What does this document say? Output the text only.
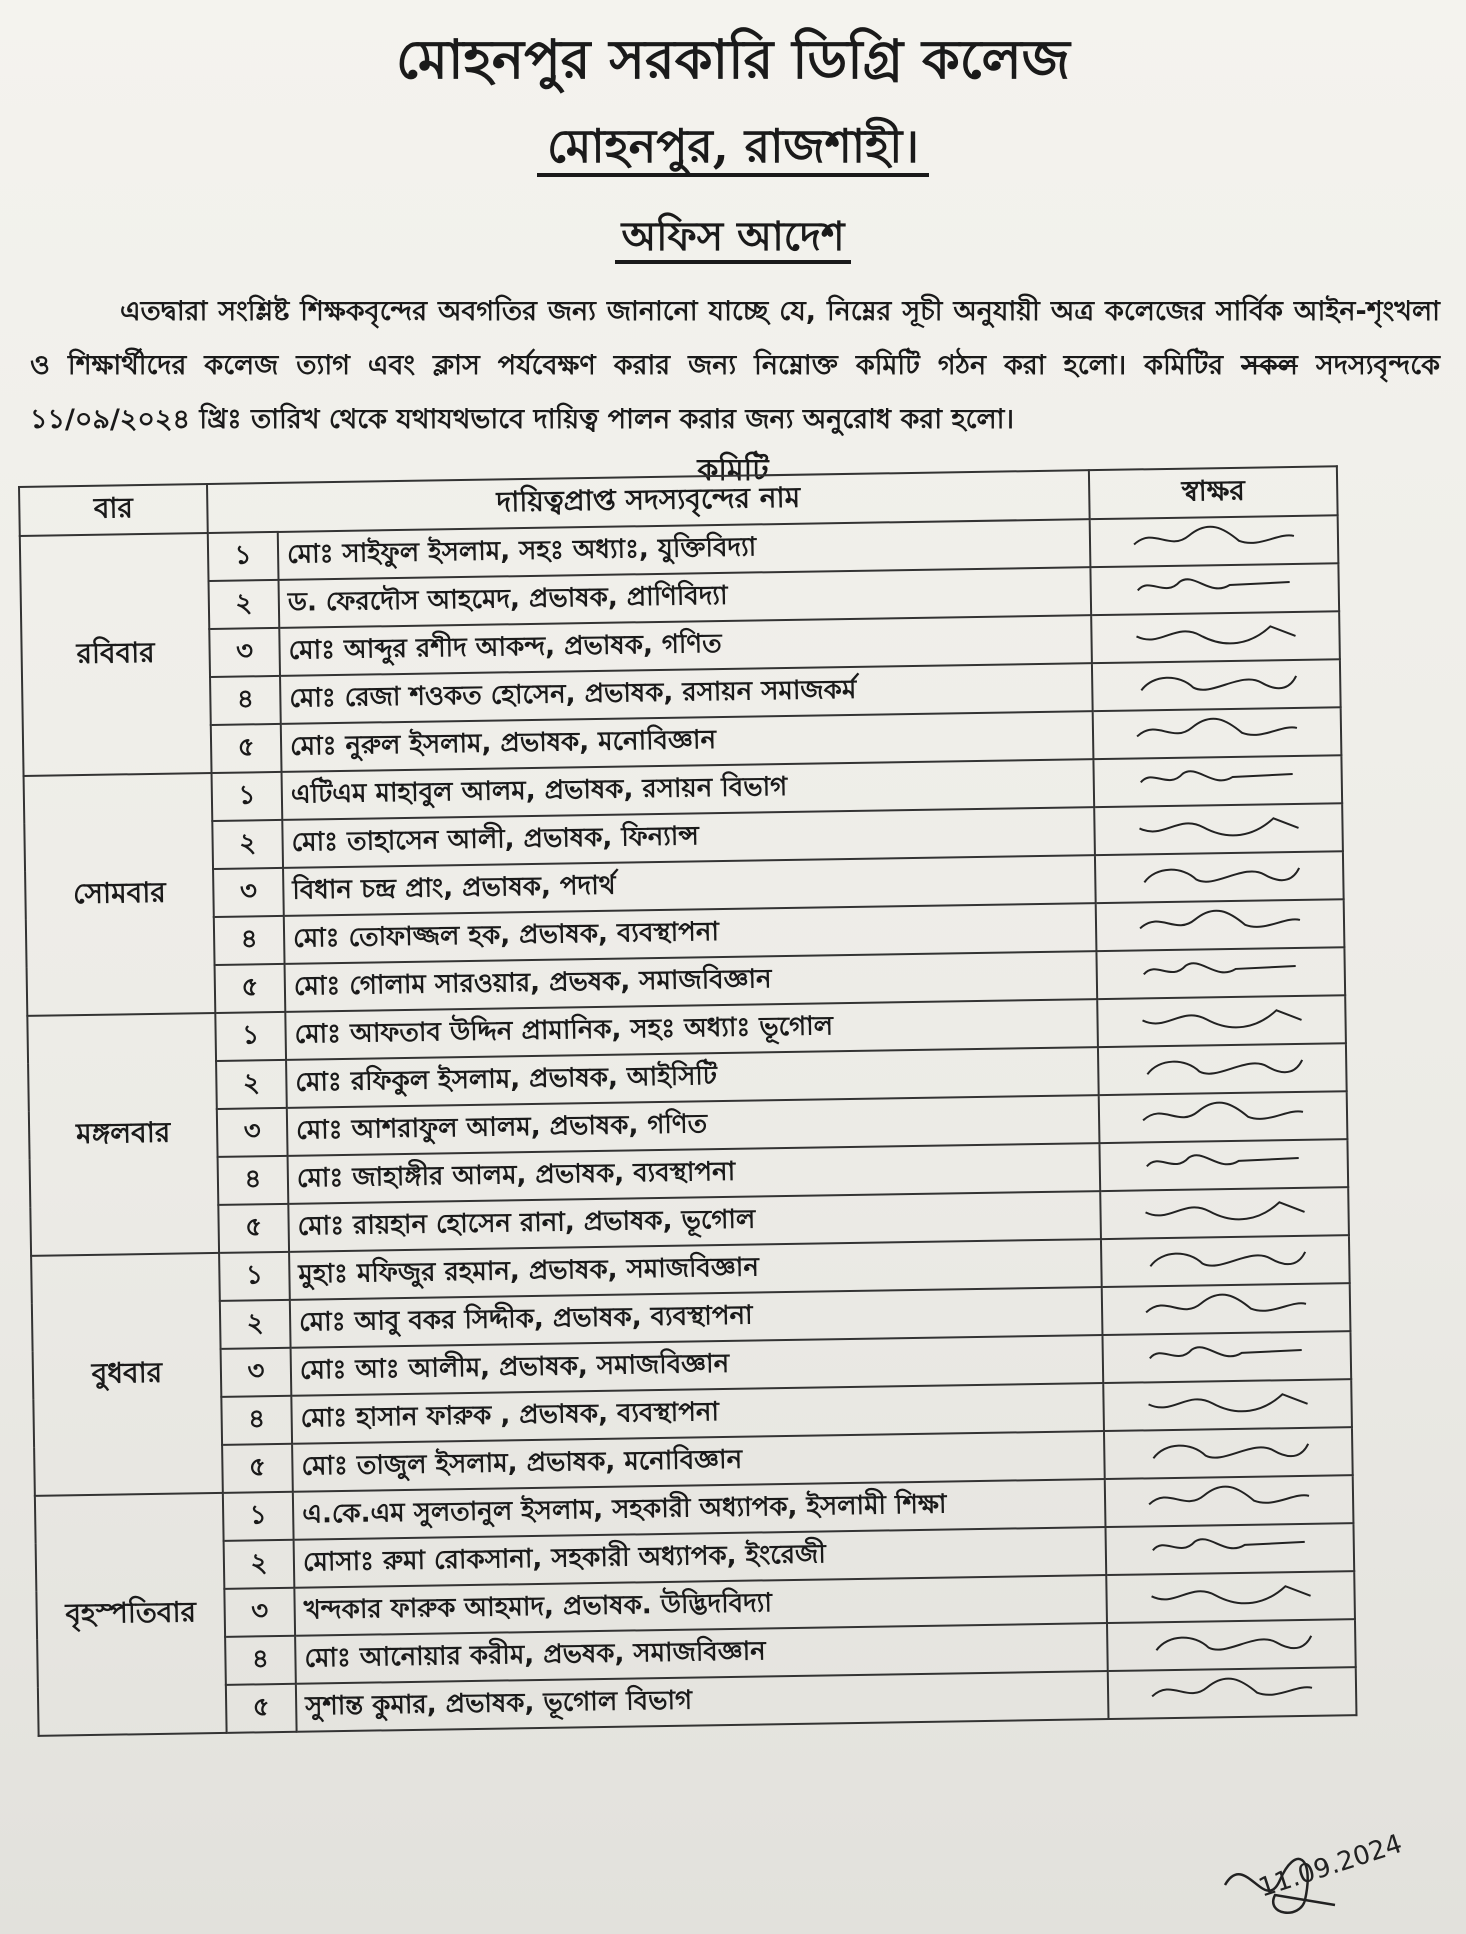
মোহনপুর সরকারি ডিগ্রি কলেজ
মোহনপুর, রাজশাহী।
অফিস আদেশ
এতদ্বারা সংশ্লিষ্ট শিক্ষকবৃন্দের অবগতির জন্য জানানো যাচ্ছে যে, নিম্নের সূচী অনুযায়ী অত্র কলেজের সার্বিক আইন-শৃংখলা ও শিক্ষার্থীদের কলেজ ত্যাগ এবং ক্লাস পর্যবেক্ষণ করার জন্য নিম্নোক্ত কমিটি গঠন করা হলো। কমিটির সকল সদস্যবৃন্দকে ১১/০৯/২০২৪ খ্রিঃ তারিখ থেকে যথাযথভাবে দায়িত্ব পালন করার জন্য অনুরোধ করা হলো।
কমিটি
বার	দায়িত্বপ্রাপ্ত সদস্যবৃন্দের নাম		স্বাক্ষর
রবিবার	১	মোঃ সাইফুল ইসলাম, সহঃ অধ্যাঃ, যুক্তিবিদ্যা	
	২	ড. ফেরদৌস আহমেদ, প্রভাষক, প্রাণিবিদ্যা	
	৩	মোঃ আব্দুর রশীদ আকন্দ, প্রভাষক, গণিত	
	৪	মোঃ রেজা শওকত হোসেন, প্রভাষক, রসায়ন সমাজকর্ম	
	৫	মোঃ নুরুল ইসলাম, প্রভাষক, মনোবিজ্ঞান	
সোমবার	১	এটিএম মাহাবুল আলম, প্রভাষক, রসায়ন বিভাগ	
	২	মোঃ তাহাসেন আলী, প্রভাষক, ফিন্যান্স	
	৩	বিধান চন্দ্র প্রাং, প্রভাষক, পদার্থ	
	৪	মোঃ তোফাজ্জল হক, প্রভাষক, ব্যবস্থাপনা	
	৫	মোঃ গোলাম সারওয়ার, প্রভষক, সমাজবিজ্ঞান	
মঙ্গলবার	১	মোঃ আফতাব উদ্দিন প্রামানিক, সহঃ অধ্যাঃ ভূগোল	
	২	মোঃ রফিকুল ইসলাম, প্রভাষক, আইসিটি	
	৩	মোঃ আশরাফুল আলম, প্রভাষক, গণিত	
	৪	মোঃ জাহাঙ্গীর আলম, প্রভাষক, ব্যবস্থাপনা	
	৫	মোঃ রায়হান হোসেন রানা, প্রভাষক, ভূগোল	
বুধবার	১	মুহাঃ মফিজুর রহমান, প্রভাষক, সমাজবিজ্ঞান	
	২	মোঃ আবু বকর সিদ্দীক, প্রভাষক, ব্যবস্থাপনা	
	৩	মোঃ আঃ আলীম, প্রভাষক, সমাজবিজ্ঞান	
	৪	মোঃ হাসান ফারুক , প্রভাষক, ব্যবস্থাপনা	
	৫	মোঃ তাজুল ইসলাম, প্রভাষক, মনোবিজ্ঞান	
বৃহস্পতিবার	১	এ.কে.এম সুলতানুল ইসলাম, সহকারী অধ্যাপক, ইসলামী শিক্ষা	
	২	মোসাঃ রুমা রোকসানা, সহকারী অধ্যাপক, ইংরেজী	
	৩	খন্দকার ফারুক আহমাদ, প্রভাষক. উদ্ভিদবিদ্যা	
	৪	মোঃ আনোয়ার করীম, প্রভষক, সমাজবিজ্ঞান	
	৫	সুশান্ত কুমার, প্রভাষক, ভূগোল বিভাগ	
11.09.2024
